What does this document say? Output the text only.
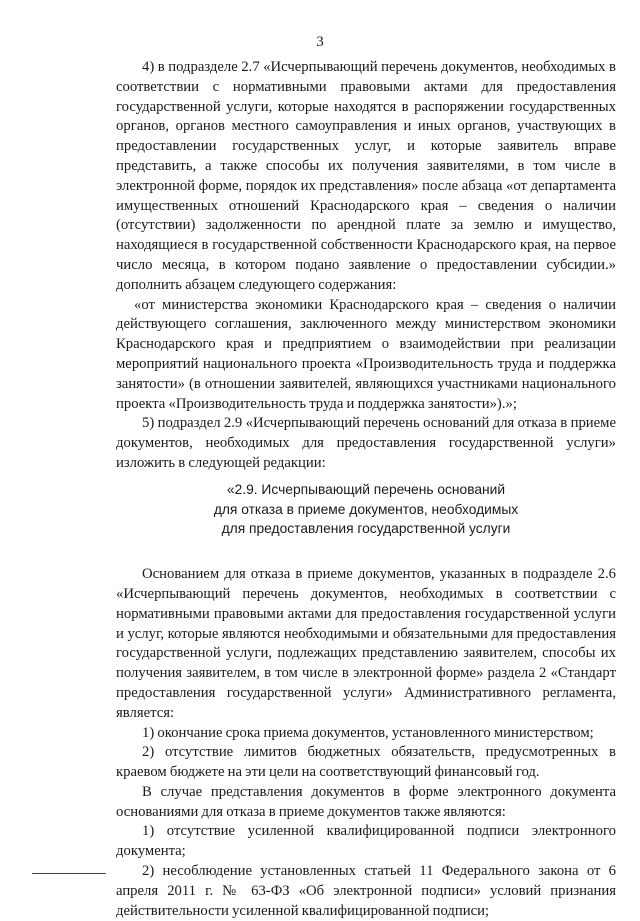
3

4) в подразделе 2.7 «Исчерпывающий перечень документов, необходимых в соответствии с нормативными правовыми актами для предоставления государственной услуги, которые находятся в распоряжении государственных органов, органов местного самоуправления и иных органов, участвующих в предоставлении государственных услуг, и которые заявитель вправе представить, а также способы их получения заявителями, в том числе в электронной форме, порядок их представления» после абзаца «от департамента имущественных отношений Краснодарского края – сведения о наличии (отсутствии) задолженности по арендной плате за землю и имущество, находящиеся в государственной собственности Краснодарского края, на первое число месяца, в котором подано заявление о предоставлении субсидии.» дополнить абзацем следующего содержания:

«от министерства экономики Краснодарского края – сведения о наличии действующего соглашения, заключенного между министерством экономики Краснодарского края и предприятием о взаимодействии при реализации мероприятий национального проекта «Производительность труда и поддержка занятости» (в отношении заявителей, являющихся участниками национального проекта «Производительность труда и поддержка занятости»).»;

5) подраздел 2.9 «Исчерпывающий перечень оснований для отказа в приеме документов, необходимых для предоставления государственной услуги» изложить в следующей редакции:

«2.9. Исчерпывающий перечень оснований
для отказа в приеме документов, необходимых
для предоставления государственной услуги

Основанием для отказа в приеме документов, указанных в подразделе 2.6 «Исчерпывающий перечень документов, необходимых в соответствии с нормативными правовыми актами для предоставления государственной услуги и услуг, которые являются необходимыми и обязательными для предоставления государственной услуги, подлежащих представлению заявителем, способы их получения заявителем, в том числе в электронной форме» раздела 2 «Стандарт предоставления государственной услуги» Административного регламента, является:

1) окончание срока приема документов, установленного министерством;

2) отсутствие лимитов бюджетных обязательств, предусмотренных в краевом бюджете на эти цели на соответствующий финансовый год.

В случае представления документов в форме электронного документа основаниями для отказа в приеме документов также являются:

1) отсутствие усиленной квалифицированной подписи электронного документа;

2) несоблюдение установленных статьей 11 Федерального закона от 6 апреля 2011 г. № 63-ФЗ «Об электронной подписи» условий признания действительности усиленной квалифицированной подписи;
